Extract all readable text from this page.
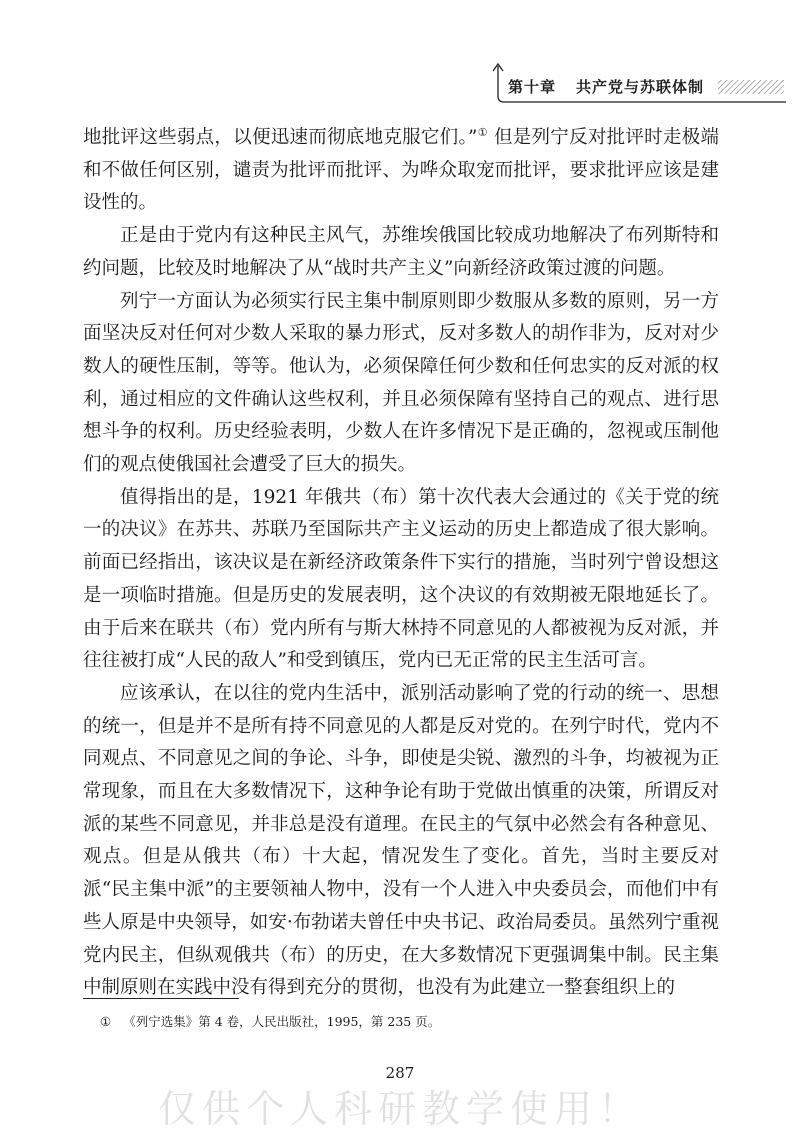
第十章 共产党与苏联体制

地批评这些弱点，以便迅速而彻底地克服它们。”① 但是列宁反对批评时走极端和不做任何区别，谴责为批评而批评、为哗众取宠而批评，要求批评应该是建设性的。

正是由于党内有这种民主风气，苏维埃俄国比较成功地解决了布列斯特和约问题，比较及时地解决了从“战时共产主义”向新经济政策过渡的问题。

列宁一方面认为必须实行民主集中制原则即少数服从多数的原则，另一方面坚决反对任何对少数人采取的暴力形式，反对多数人的胡作非为，反对对少数人的硬性压制，等等。他认为，必须保障任何少数和任何忠实的反对派的权利，通过相应的文件确认这些权利，并且必须保障有坚持自己的观点、进行思想斗争的权利。历史经验表明，少数人在许多情况下是正确的，忽视或压制他们的观点使俄国社会遭受了巨大的损失。

值得指出的是，1921 年俄共（布）第十次代表大会通过的《关于党的统一的决议》在苏共、苏联乃至国际共产主义运动的历史上都造成了很大影响。前面已经指出，该决议是在新经济政策条件下实行的措施，当时列宁曾设想这是一项临时措施。但是历史的发展表明，这个决议的有效期被无限地延长了。由于后来在联共（布）党内所有与斯大林持不同意见的人都被视为反对派，并往往被打成“人民的敌人”和受到镇压，党内已无正常的民主生活可言。

应该承认，在以往的党内生活中，派别活动影响了党的行动的统一、思想的统一，但是并不是所有持不同意见的人都是反对党的。在列宁时代，党内不同观点、不同意见之间的争论、斗争，即使是尖锐、激烈的斗争，均被视为正常现象，而且在大多数情况下，这种争论有助于党做出慎重的决策，所谓反对派的某些不同意见，并非总是没有道理。在民主的气氛中必然会有各种意见、观点。但是从俄共（布）十大起，情况发生了变化。首先，当时主要反对派“民主集中派”的主要领袖人物中，没有一个人进入中央委员会，而他们中有些人原是中央领导，如安·布勃诺夫曾任中央书记、政治局委员。虽然列宁重视党内民主，但纵观俄共（布）的历史，在大多数情况下更强调集中制。民主集中制原则在实践中没有得到充分的贯彻，也没有为此建立一整套组织上的

① 《列宁选集》第 4 卷，人民出版社，1995，第 235 页。
287
仅供个人科研教学使用！
